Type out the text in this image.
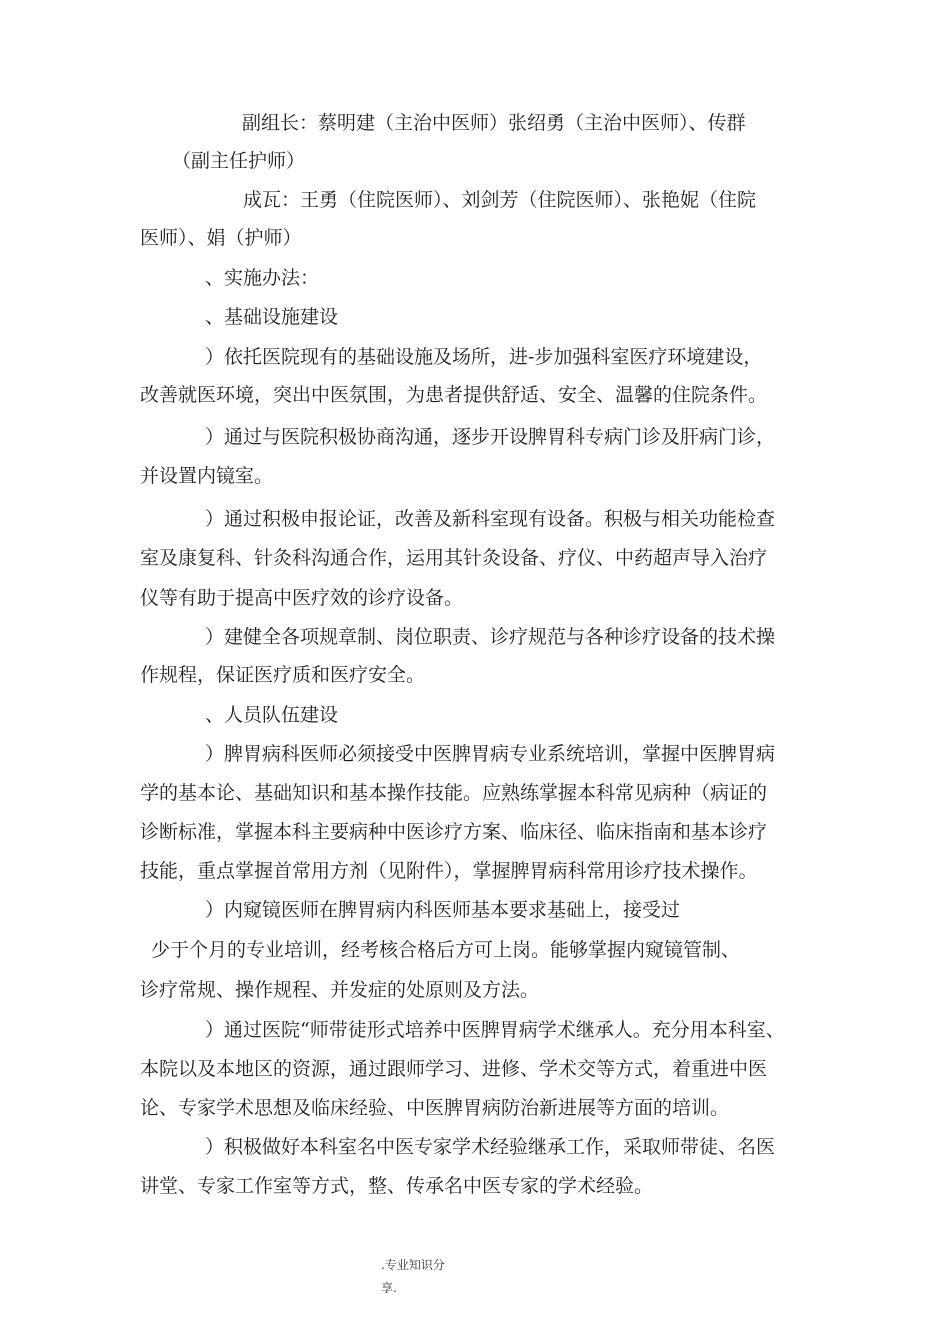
副组长：蔡明建（主治中医师）张绍勇（主治中医师）、传群
（副主任护师）
成瓦：王勇（住院医师）、刘剑芳（住院医师）、张艳妮（住院
医师）、娟（护师）
、实施办法：
、基础设施建设
）依托医院现有的基础设施及场所，进-步加强科室医疗环境建设，
改善就医环境，突出中医氛围，为患者提供舒适、安全、温馨的住院条件。
）通过与医院积极协商沟通，逐步开设脾胃科专病门诊及肝病门诊，
并设置内镜室。
）通过积极申报论证，改善及新科室现有设备。积极与相关功能检查
室及康复科、针灸科沟通合作，运用其针灸设备、疗仪、中药超声导入治疗
仪等有助于提高中医疗效的诊疗设备。
）建健全各项规章制、岗位职责、诊疗规范与各种诊疗设备的技术操
作规程，保证医疗质和医疗安全。
、人员队伍建设
）脾胃病科医师必须接受中医脾胃病专业系统培训，掌握中医脾胃病
学的基本论、基础知识和基本操作技能。应熟练掌握本科常见病种（病证的
诊断标准，掌握本科主要病种中医诊疗方案、临床径、临床指南和基本诊疗
技能，重点掌握首常用方剂（见附件），掌握脾胃病科常用诊疗技术操作。
）内窥镜医师在脾胃病内科医师基本要求基础上，接受过
少于个月的专业培训，经考核合格后方可上岗。能够掌握内窥镜管制、
诊疗常规、操作规程、并发症的处原则及方法。
）通过医院“师带徒形式培养中医脾胃病学术继承人。充分用本科室、
本院以及本地区的资源，通过跟师学习、进修、学术交等方式，着重进中医
论、专家学术思想及临床经验、中医脾胃病防治新进展等方面的培训。
）积极做好本科室名中医专家学术经验继承工作，采取师带徒、名医
讲堂、专家工作室等方式，整、传承名中医专家的学术经验。
.专业知识分
享.
